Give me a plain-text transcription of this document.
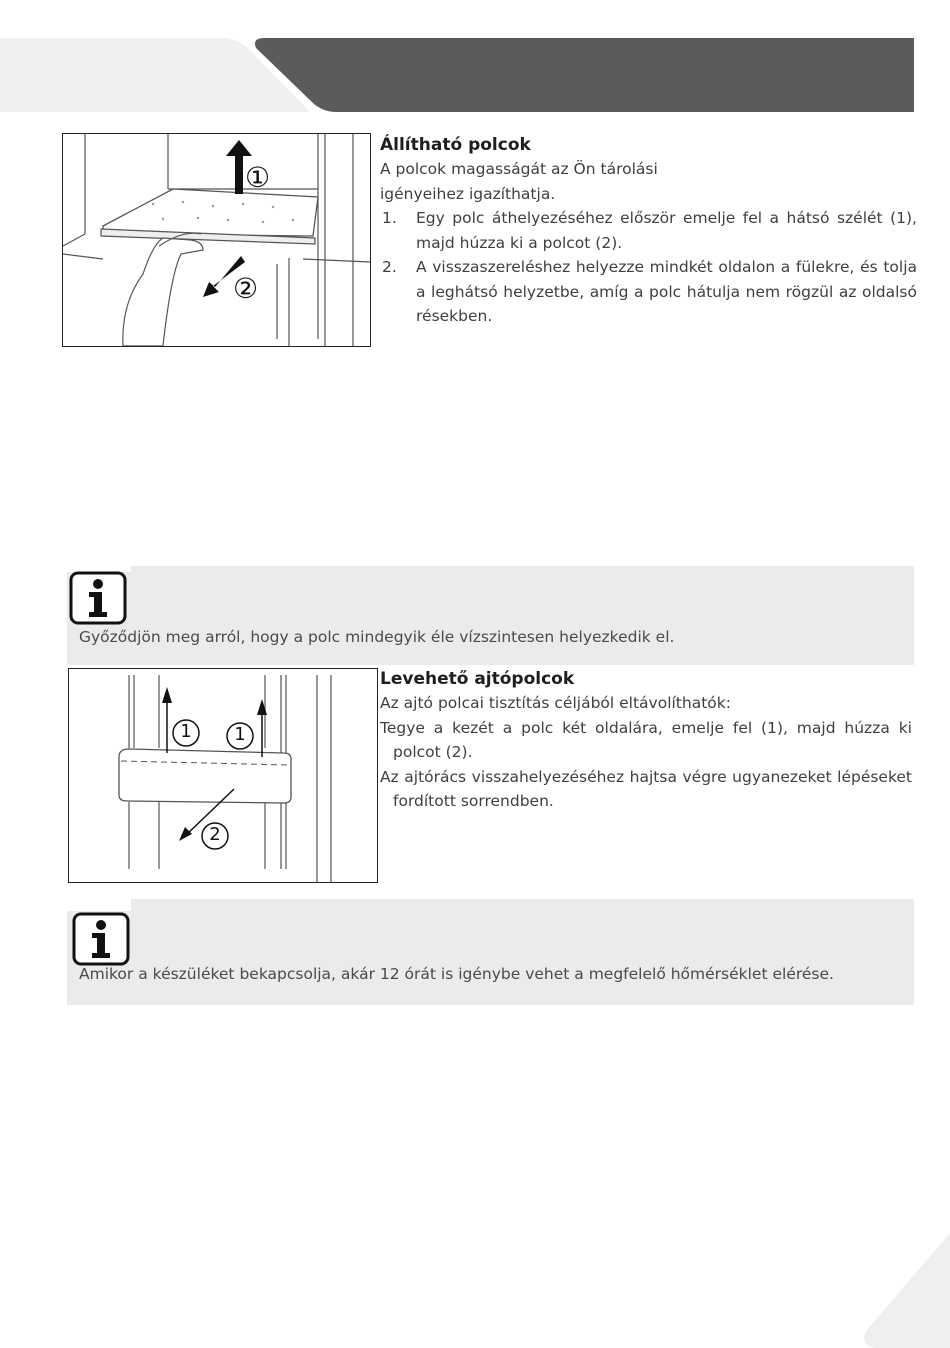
①
②
Állítható polcok
A polcok magasságát az Ön tárolási
igényeihez igazíthatja.
1. Egy polc áthelyezéséhez először emelje fel a hátsó szélét (1), majd húzza ki a polcot (2).
2. A visszaszereléshez helyezze mindkét oldalon a fülekre, és tolja a leghátsó helyzetbe, amíg a polc hátulja nem rögzül az oldalsó résekben.
Győződjön meg arról, hogy a polc mindegyik éle vízszintesen helyezkedik el.
1 1
2
Levehető ajtópolcok
Az ajtó polcai tisztítás céljából eltávolíthatók:
Tegye a kezét a polc két oldalára, emelje fel (1), majd húzza ki polcot (2).
Az ajtórács visszahelyezéséhez hajtsa végre ugyanezeket lépéseket fordított sorrendben.
Amikor a készüléket bekapcsolja, akár 12 órát is igénybe vehet a megfelelő hőmérséklet elérése.
